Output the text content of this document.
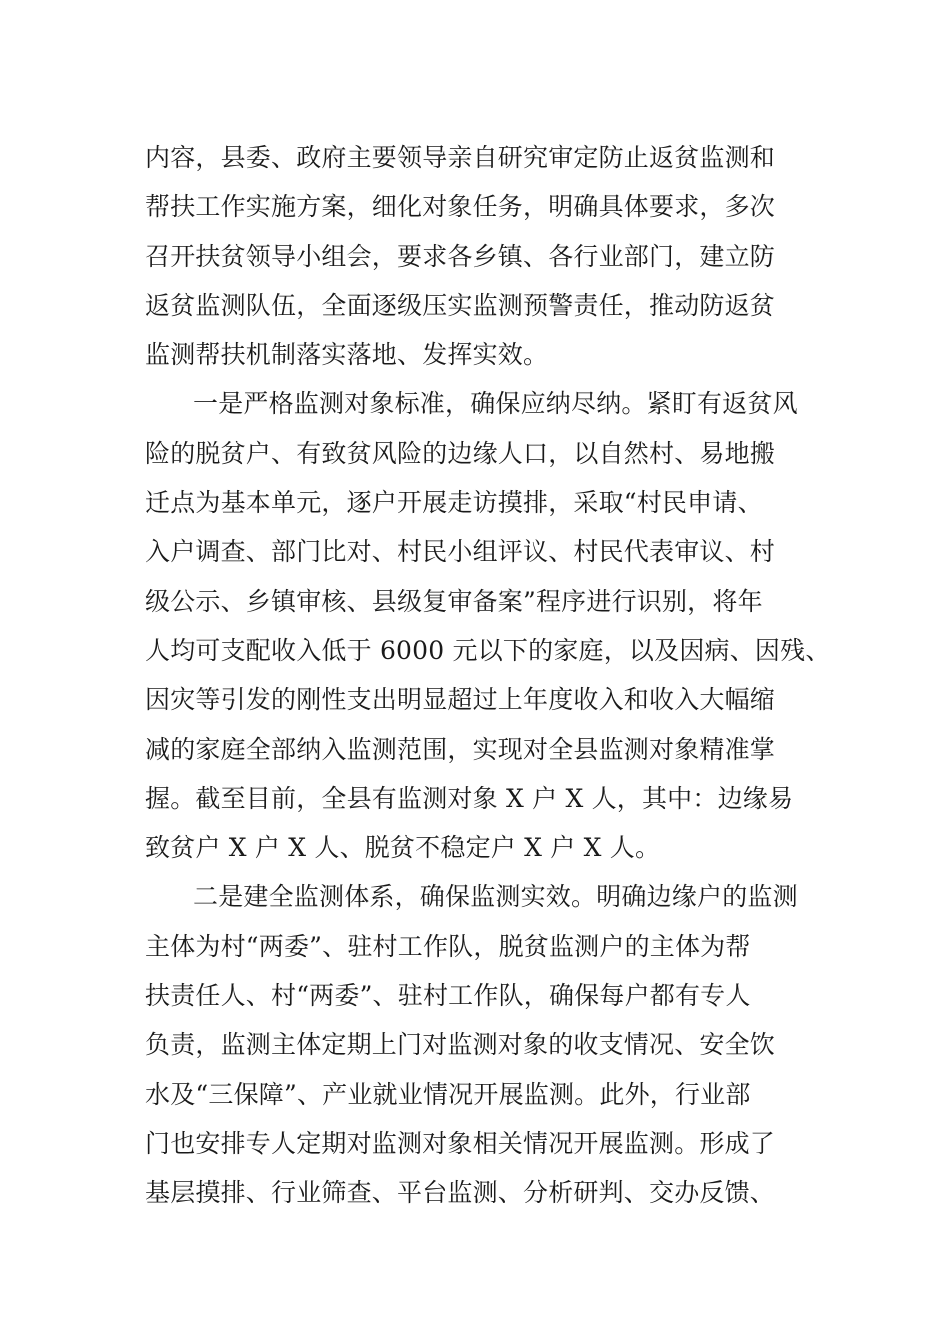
内容，县委、政府主要领导亲自研究审定防止返贫监测和
帮扶工作实施方案，细化对象任务，明确具体要求，多次
召开扶贫领导小组会，要求各乡镇、各行业部门，建立防
返贫监测队伍，全面逐级压实监测预警责任，推动防返贫
监测帮扶机制落实落地、发挥实效。
一是严格监测对象标准，确保应纳尽纳。紧盯有返贫风
险的脱贫户、有致贫风险的边缘人口，以自然村、易地搬
迁点为基本单元，逐户开展走访摸排，采取“村民申请、
入户调查、部门比对、村民小组评议、村民代表审议、村
级公示、乡镇审核、县级复审备案”程序进行识别，将年
人均可支配收入低于 6000 元以下的家庭，以及因病、因残、
因灾等引发的刚性支出明显超过上年度收入和收入大幅缩
减的家庭全部纳入监测范围，实现对全县监测对象精准掌
握。截至目前，全县有监测对象 X 户 X 人，其中：边缘易
致贫户 X 户 X 人、脱贫不稳定户 X 户 X 人。
二是建全监测体系，确保监测实效。明确边缘户的监测
主体为村“两委”、驻村工作队，脱贫监测户的主体为帮
扶责任人、村“两委”、驻村工作队，确保每户都有专人
负责，监测主体定期上门对监测对象的收支情况、安全饮
水及“三保障”、产业就业情况开展监测。此外，行业部
门也安排专人定期对监测对象相关情况开展监测。形成了
基层摸排、行业筛查、平台监测、分析研判、交办反馈、
